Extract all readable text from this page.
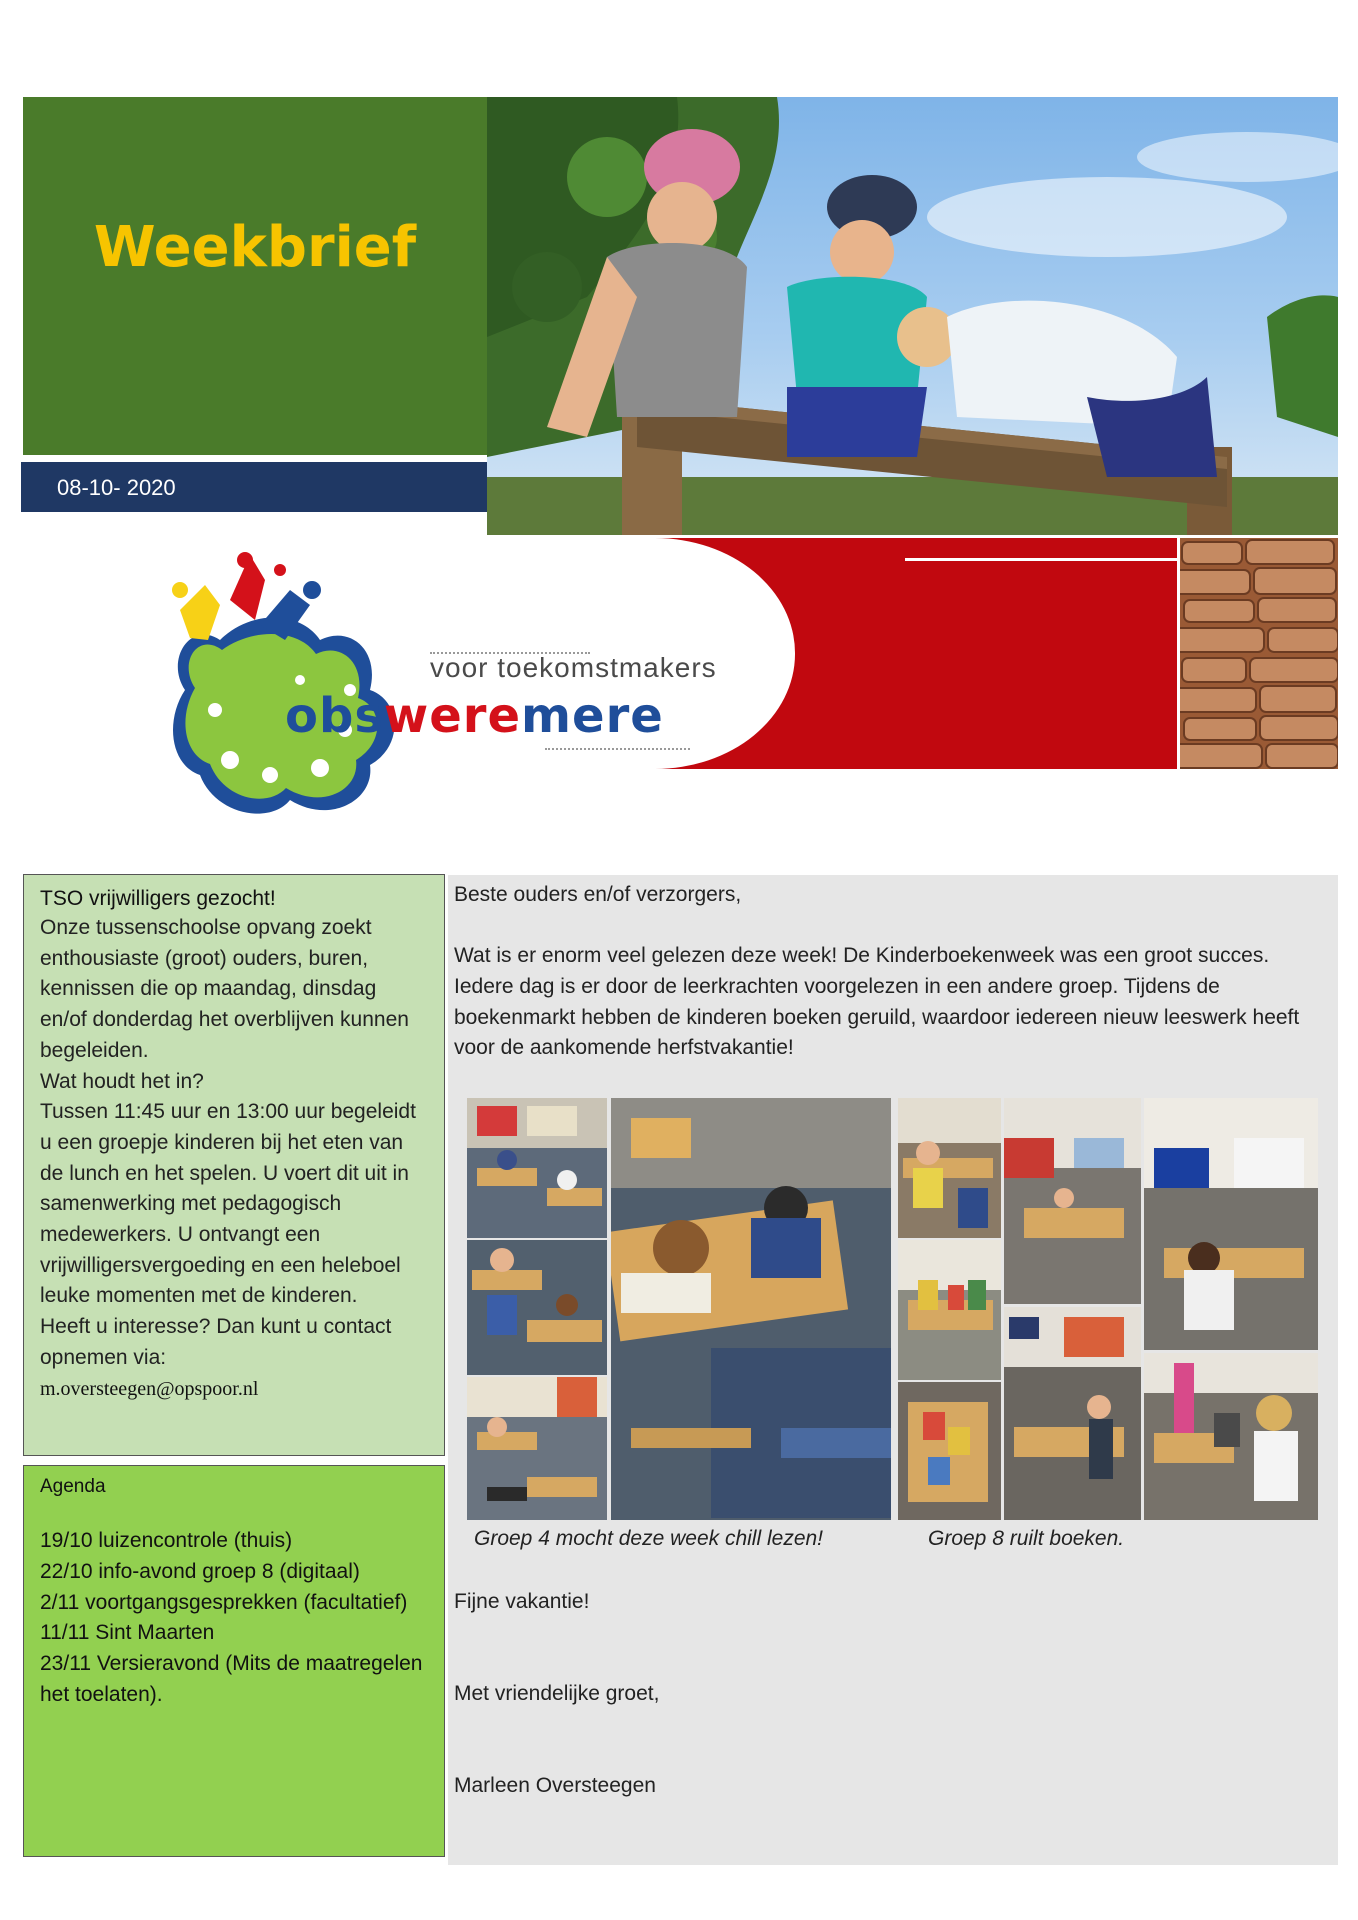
Weekbrief
08-10- 2020
voor toekomstmakers
obsweremere
TSO vrijwilligers gezocht!

Onze tussenschoolse opvang zoekt enthousiaste (groot) ouders, buren, kennissen die op maandag, dinsdag en/of donderdag het overblijven kunnen begeleiden.

Wat houdt het in?

Tussen 11:45 uur en 13:00 uur begeleidt u een groepje kinderen bij het eten van de lunch en het spelen. U voert dit uit in samenwerking met pedagogisch medewerkers. U ontvangt een vrijwilligersvergoeding en een heleboel leuke momenten met de kinderen.

Heeft u interesse? Dan kunt u contact opnemen via:

m.oversteegen@opspoor.nl
Agenda
19/10 luizencontrole (thuis)
22/10 info-avond groep 8 (digitaal)
2/11 voortgangsgesprekken (facultatief)
11/11 Sint Maarten
23/11 Versieravond (Mits de maatregelen het toelaten).
Beste ouders en/of verzorgers,
Wat is er enorm veel gelezen deze week! De Kinderboekenweek was een groot succes. Iedere dag is er door de leerkrachten voorgelezen in een andere groep. Tijdens de boekenmarkt hebben de kinderen boeken geruild, waardoor iedereen nieuw leeswerk heeft voor de aankomende herfstvakantie!
Groep 4 mocht deze week chill lezen!	Groep 8 ruilt boeken.
Fijne vakantie!
Met vriendelijke groet,
Marleen Oversteegen
